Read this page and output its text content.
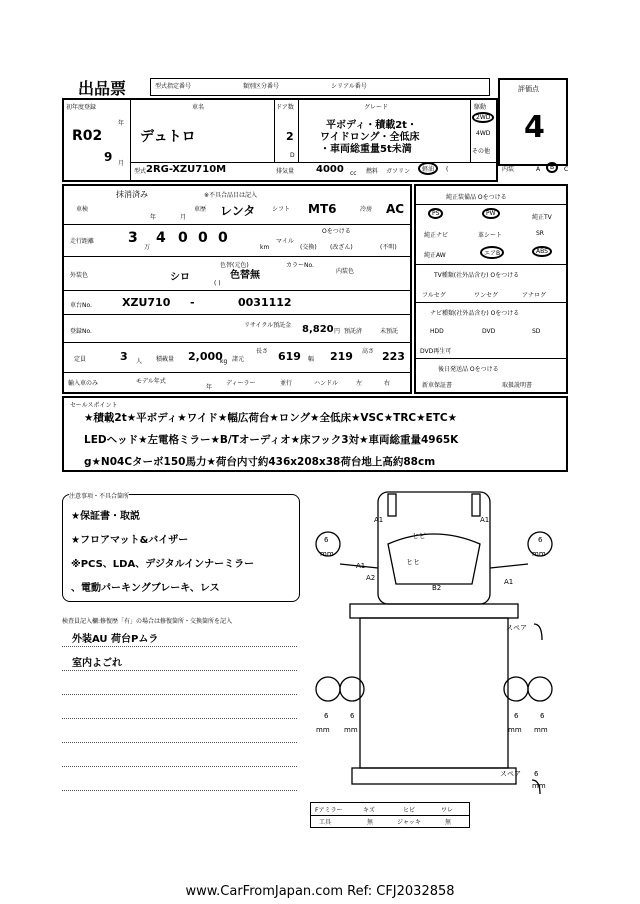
出品票	型式指定番号	類別区分番号	シリアル番号	評価点
4
初年度登録
R02
年
9 月
車名
デュトロ
ドア数
2
D
グレード
平ボディ・積載2t・
ワイドロング・全低床
・車両総重量5t未満
駆動
2WD
4WD
その他
型式 2RG-XZU710M	排気量 4000 cc 燃料 ガソリン	軽油	(	内装	A	B	C
車検
抹消済み
年	月
※不具合品目は記入
車歴 レンタ	シフト MT6	冷房 AC
走行距離 3
万
4 0 0 0
km
Oをつける
マイル
(交換) (改ざん)	(不明)
外装色	シロ
色替(元色)
色替無
( )
カラーNo.
内装色
車台No.	XZU710 -	0031112
登録No.
リサイクル預託金 8,820 円 預託済	未預託
定員	3 人 積載量 2,000
kg 諸元
長さ 619 幅 219 高さ 223
輸入車のみ	モデル年式
年
ディーラー	並行	ハンドル	左	右
純正装備品 Oをつける
PS	PW
純正TV
純正ナビ	革シート	SR
純正AW	エアB	ABS
TV種類(社外品含む) Oをつける
フルセグ	ワンセグ	アナログ
ナビ種類(社外品含む) Oをつける
HDD	DVD	SD
DVD再生可
後日発送品 Oをつける
新車保証書	取扱説明書
セールスポイント
★積載2t★平ボディ★ワイド★幅広荷台★ロング★全低床★VSC★TRC★ETC★
LEDヘッド★左電格ミラー★B/Tオーディオ★床フック3対★車両総重量4965K
g★N04Cターボ150馬力★荷台内寸約436x208x38荷台地上高約88cm
注意事項・不具合箇所
★保証書・取説
★フロアマット&バイザー
※PCS、LDA、デジタルインナーミラー
、電動パーキングブレーキ、レス
検査員記入欄:修復歴「有」の場合は修復箇所・交換箇所を記入
外装AU 荷台Pムラ
室内よごれ
A1	A1
A1
A1
A2
B2
ヒビ
ヒヒ
6	6
6	6	6	6
mm	mm
mm mm	mm mm
スペア
スペア 6
mm
Fアミラー	キズ	ヒビ	ワレ
工具	無	ジャッキ	無
www.CarFromJapan.com Ref: CFJ2032858
